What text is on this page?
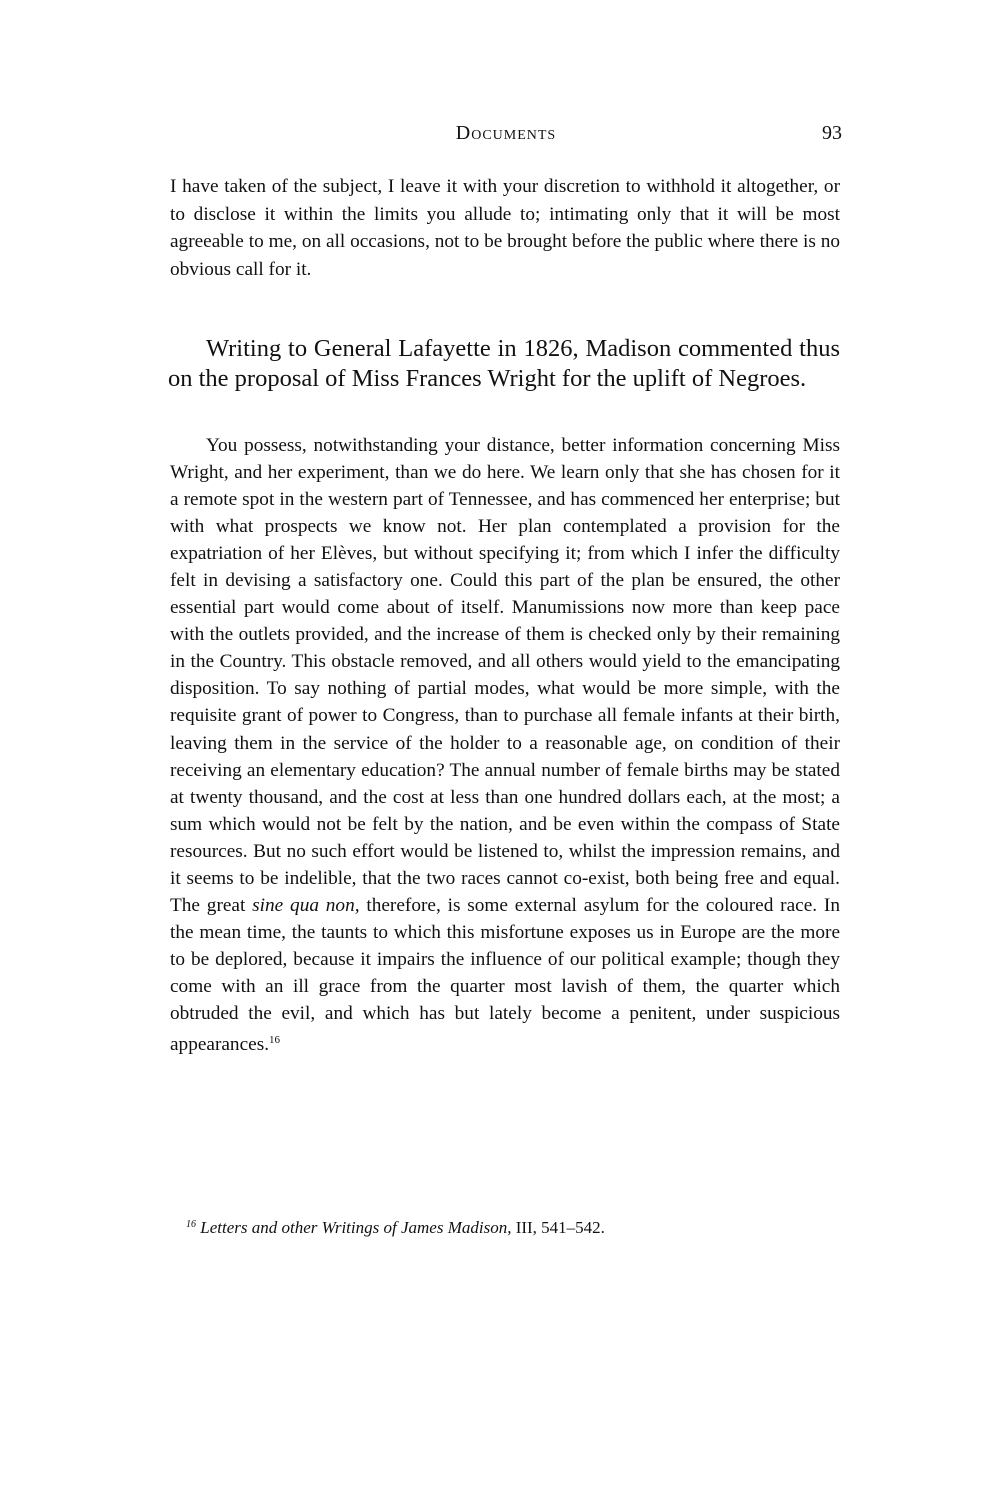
Documents	93

I have taken of the subject, I leave it with your discretion to withhold it altogether, or to disclose it within the limits you allude to; intimating only that it will be most agreeable to me, on all occasions, not to be brought before the public where there is no obvious call for it.

Writing to General Lafayette in 1826, Madison commented thus on the proposal of Miss Frances Wright for the uplift of Negroes.

You possess, notwithstanding your distance, better information concerning Miss Wright, and her experiment, than we do here. We learn only that she has chosen for it a remote spot in the western part of Tennessee, and has commenced her enterprise; but with what prospects we know not. Her plan contemplated a provision for the expatriation of her Elèves, but without specifying it; from which I infer the difficulty felt in devising a satisfactory one. Could this part of the plan be ensured, the other essential part would come about of itself. Manumissions now more than keep pace with the outlets provided, and the increase of them is checked only by their remaining in the Country. This obstacle removed, and all others would yield to the emancipating disposition. To say nothing of partial modes, what would be more simple, with the requisite grant of power to Congress, than to purchase all female infants at their birth, leaving them in the service of the holder to a reasonable age, on condition of their receiving an elementary education? The annual number of female births may be stated at twenty thousand, and the cost at less than one hundred dollars each, at the most; a sum which would not be felt by the nation, and be even within the compass of State resources. But no such effort would be listened to, whilst the impression remains, and it seems to be indelible, that the two races cannot co-exist, both being free and equal. The great sine qua non, therefore, is some external asylum for the coloured race. In the mean time, the taunts to which this misfortune exposes us in Europe are the more to be deplored, because it impairs the influence of our political example; though they come with an ill grace from the quarter most lavish of them, the quarter which obtruded the evil, and which has but lately become a penitent, under suspicious appearances.$^{16}$

$^{16}$ Letters and other Writings of James Madison, III, 541–542.
